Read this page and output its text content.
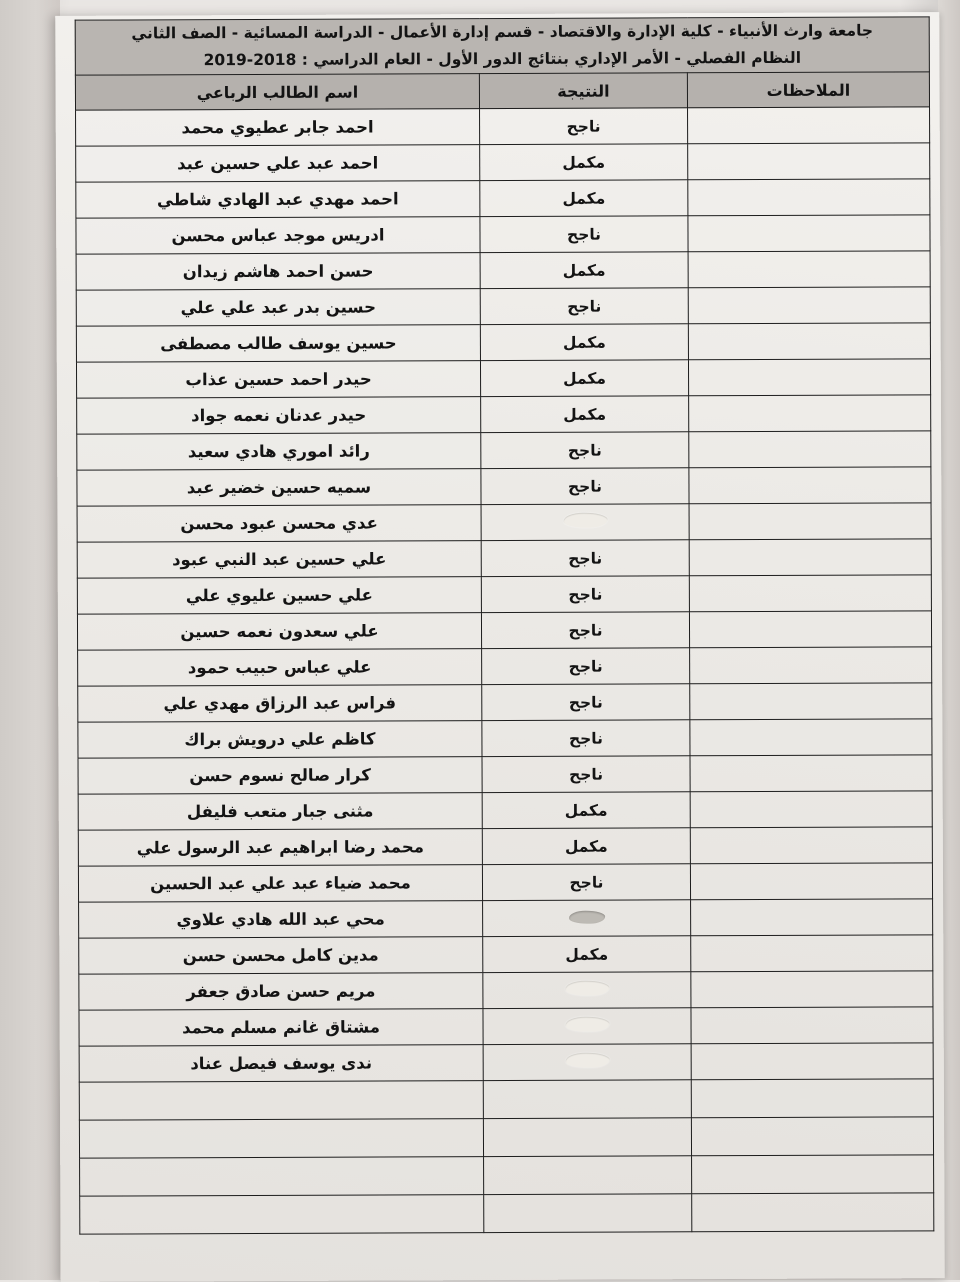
جامعة وارث الأنبياء - كلية الإدارة والاقتصاد - قسم إدارة الأعمال - الدراسة المسائية - الصف الثاني
النظام الفصلي - الأمر الإداري بنتائج الدور الأول - العام الدراسي : 2018-2019		

الملاحظات	النتيجة	اسم الطالب الرباعي
	ناجح	احمد جابر عطيوي محمد
	مكمل	احمد عبد علي حسين عبد
	مكمل	احمد مهدي عبد الهادي شاطي
	ناجح	ادريس موجد عباس محسن
	مكمل	حسن احمد هاشم زيدان
	ناجح	حسين بدر عبد علي علي
	مكمل	حسين يوسف طالب مصطفى
	مكمل	حيدر احمد حسين عذاب
	مكمل	حيدر عدنان نعمه جواد
	ناجح	رائد اموري هادي سعيد
	ناجح	سميه حسين خضير عبد
		عدي محسن عبود محسن
	ناجح	علي حسين عبد النبي عبود
	ناجح	علي حسين عليوي علي
	ناجح	علي سعدون نعمه حسين
	ناجح	علي عباس حبيب حمود
	ناجح	فراس عبد الرزاق مهدي علي
	ناجح	كاظم علي درويش براك
	ناجح	كرار صالح نسوم حسن
	مكمل	مثنى جبار متعب فليفل
	مكمل	محمد رضا ابراهيم عبد الرسول علي
	ناجح	محمد ضياء عبد علي عبد الحسين
		محي عبد الله هادي علاوي
	مكمل	مدين كامل محسن حسن
		مريم حسن صادق جعفر
		مشتاق غانم مسلم محمد
		ندى يوسف فيصل عناد
